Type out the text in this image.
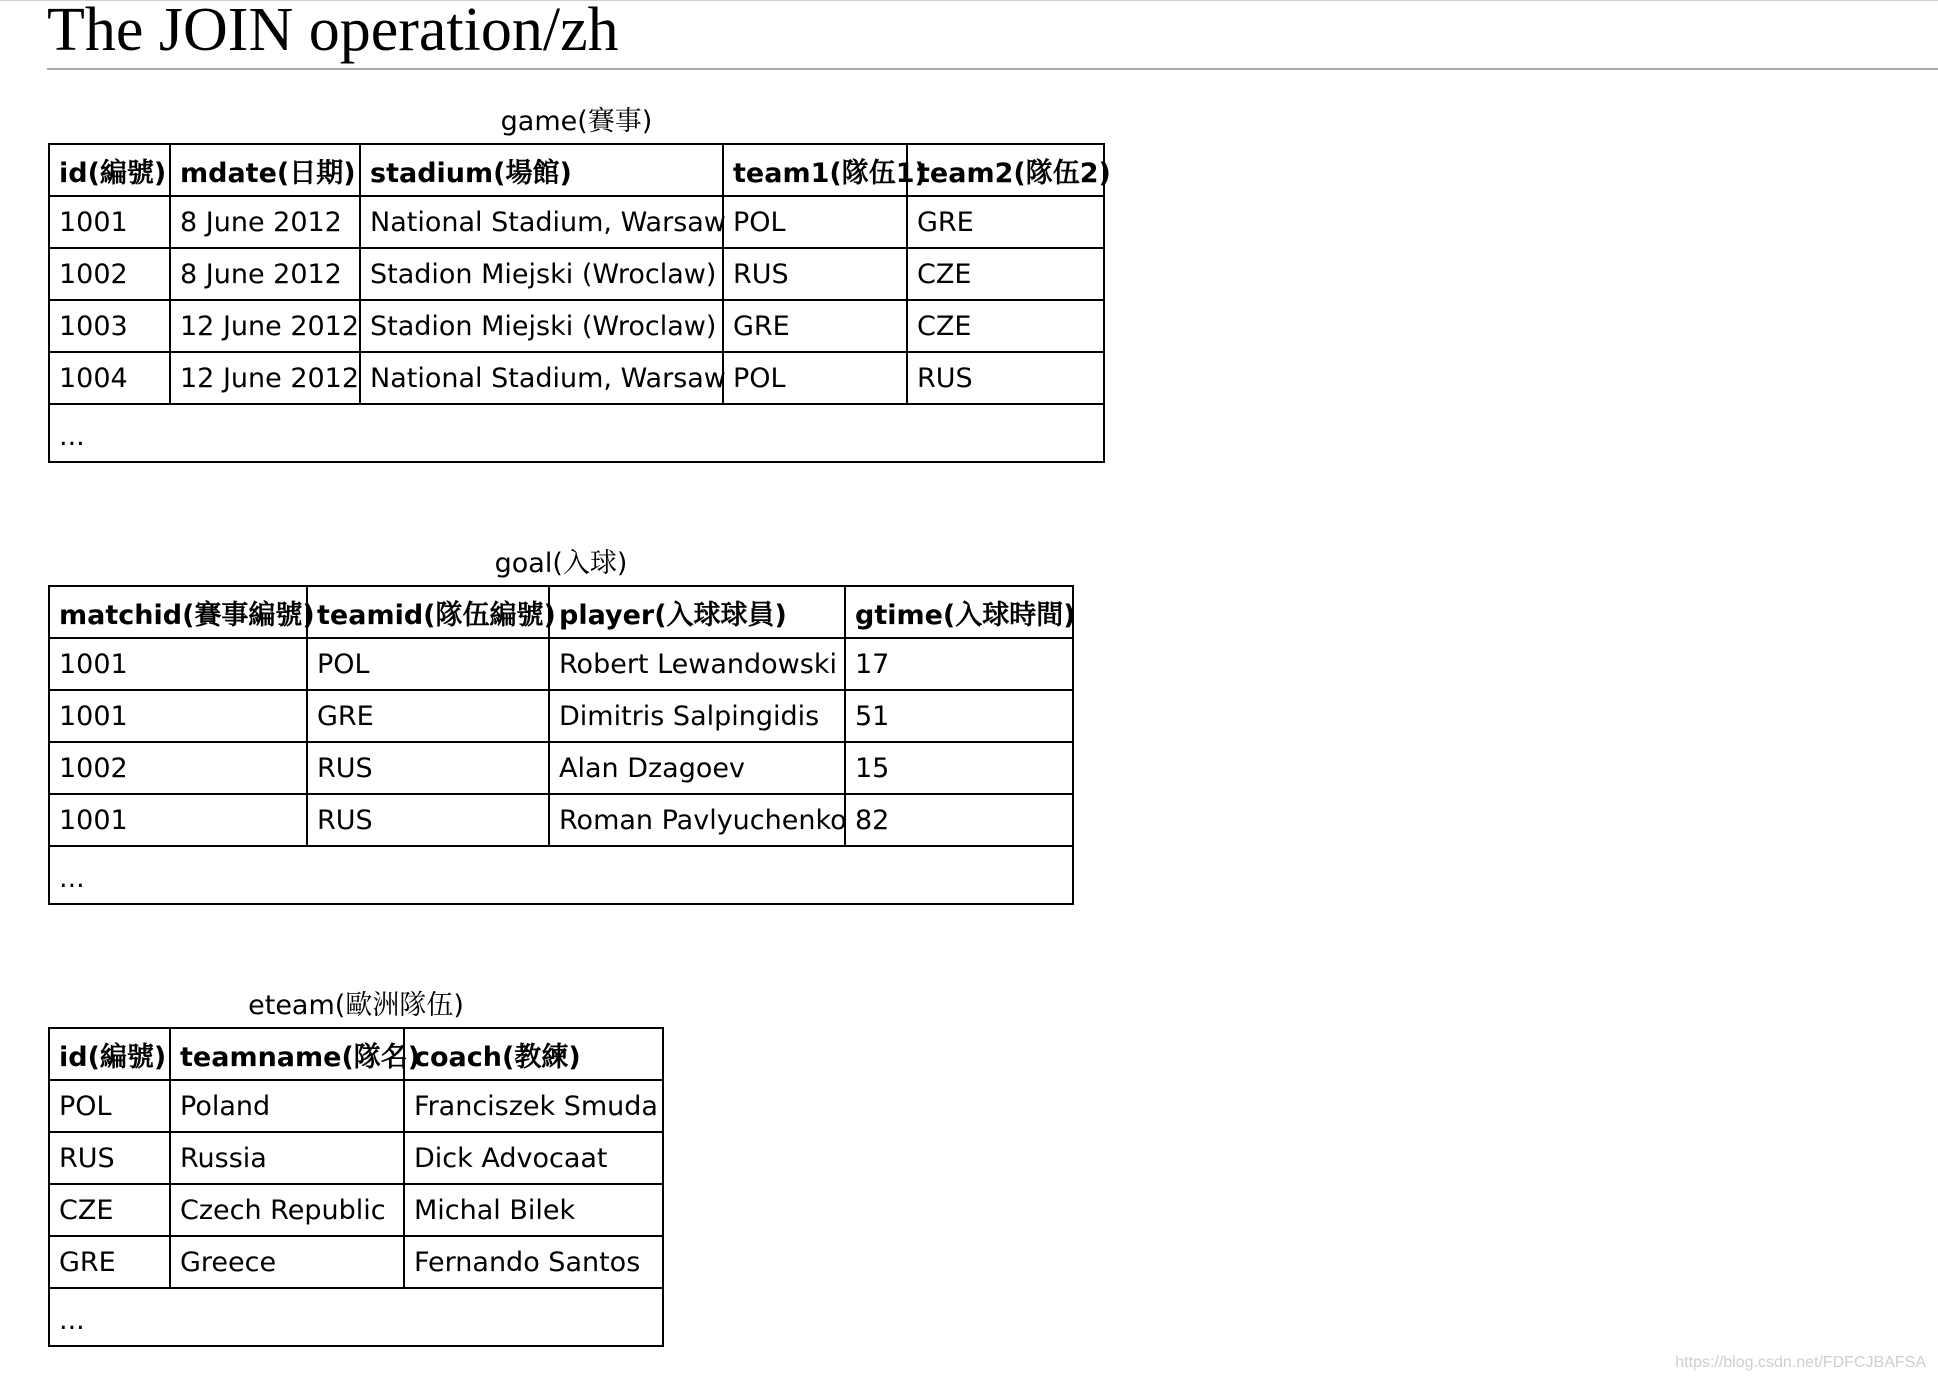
The JOIN operation/zh
game(賽事)
id(編號)	mdate(日期)	stadium(場館)	team1(隊伍1)	team2(隊伍2)
1001	8 June 2012	National Stadium, Warsaw	POL	GRE
1002	8 June 2012	Stadion Miejski (Wroclaw)	RUS	CZE
1003	12 June 2012	Stadion Miejski (Wroclaw)	GRE	CZE
1004	12 June 2012	National Stadium, Warsaw	POL	RUS
...				
goal(入球)
matchid(賽事編號)	teamid(隊伍編號)	player(入球球員)	gtime(入球時間)
1001	POL	Robert Lewandowski	17
1001	GRE	Dimitris Salpingidis	51
1002	RUS	Alan Dzagoev	15
1001	RUS	Roman Pavlyuchenko	82
...			
eteam(歐洲隊伍)
id(編號)	teamname(隊名)	coach(教練)
POL	Poland	Franciszek Smuda
RUS	Russia	Dick Advocaat
CZE	Czech Republic	Michal Bilek
GRE	Greece	Fernando Santos
...		
https://blog.csdn.net/FDFCJBAFSA
